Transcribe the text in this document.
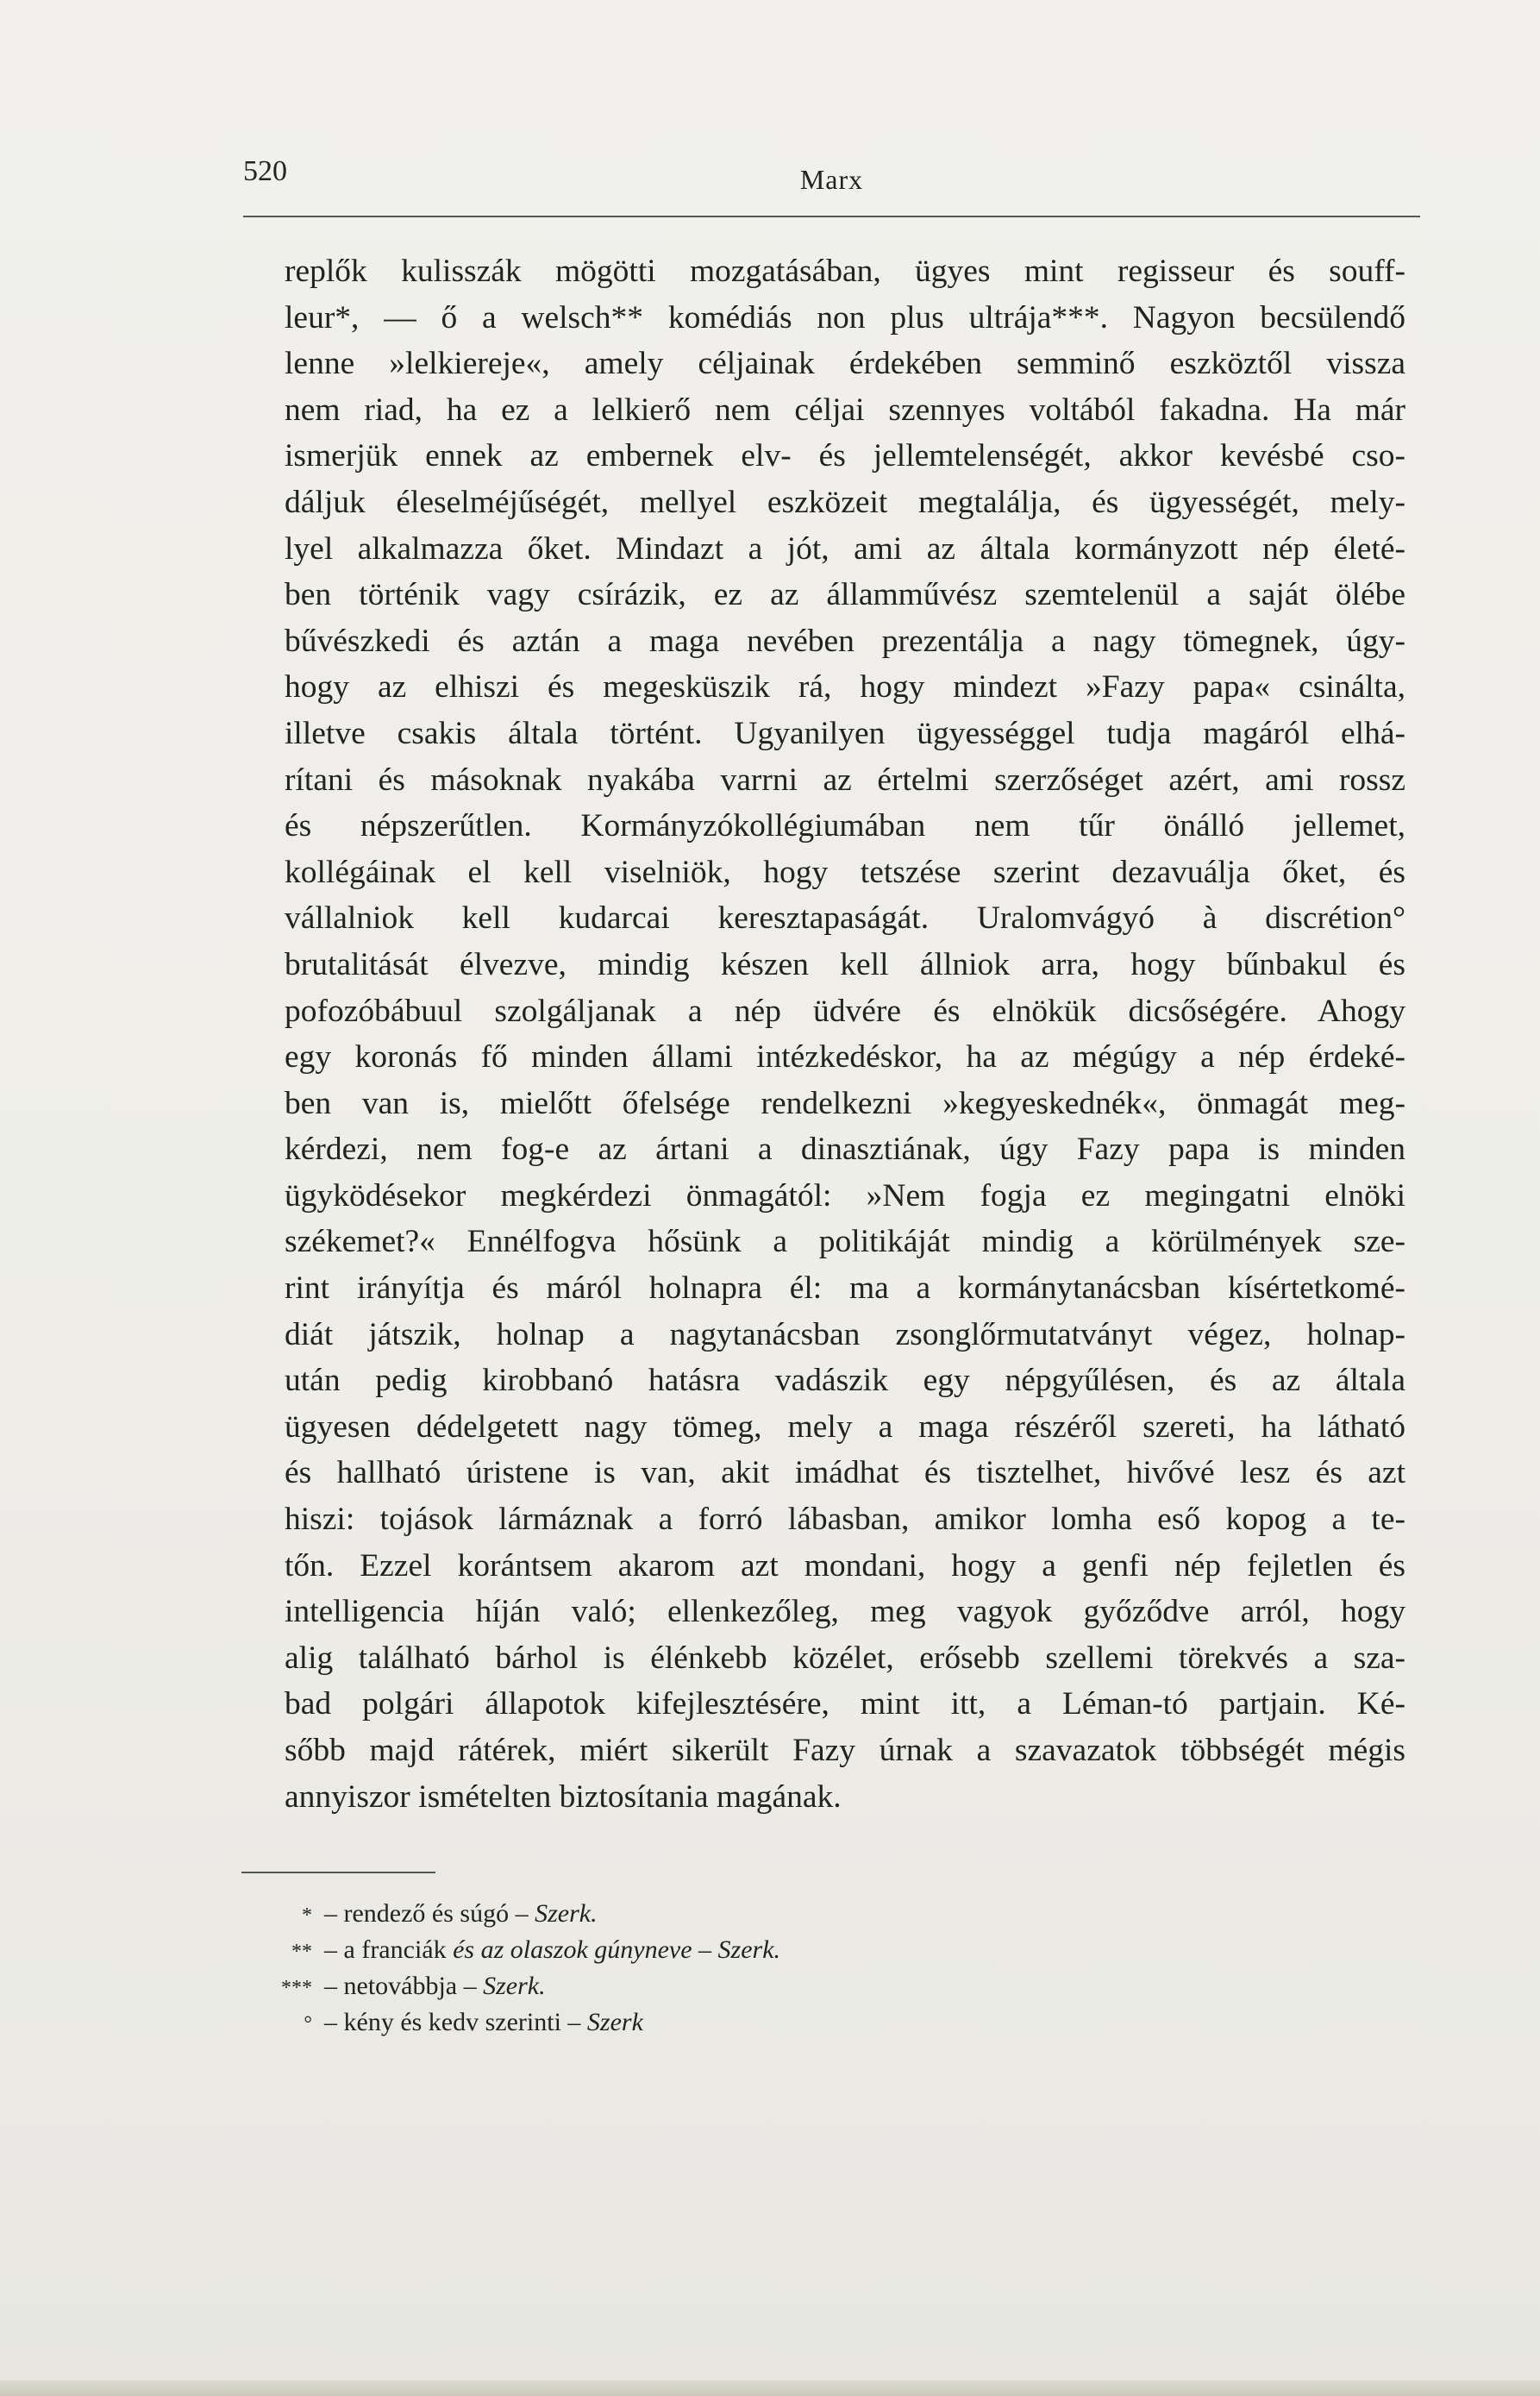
520	Marx
replők kulisszák mögötti mozgatásában, ügyes mint regisseur és souff-
leur*, — ő a welsch** komédiás non plus ultrája***. Nagyon becsülendő
lenne »lelkiereje«, amely céljainak érdekében semminő eszköztől vissza
nem riad, ha ez a lelkierő nem céljai szennyes voltából fakadna. Ha már
ismerjük ennek az embernek elv- és jellemtelenségét, akkor kevésbé cso-
dáljuk éleselméjűségét, mellyel eszközeit megtalálja, és ügyességét, mely-
lyel alkalmazza őket. Mindazt a jót, ami az általa kormányzott nép életé-
ben történik vagy csírázik, ez az államművész szemtelenül a saját ölébe
bűvészkedi és aztán a maga nevében prezentálja a nagy tömegnek, úgy-
hogy az elhiszi és megesküszik rá, hogy mindezt »Fazy papa« csinálta,
illetve csakis általa történt. Ugyanilyen ügyességgel tudja magáról elhá-
rítani és másoknak nyakába varrni az értelmi szerzőséget azért, ami rossz
és népszerűtlen. Kormányzókollégiumában nem tűr önálló jellemet,
kollégáinak el kell viselniök, hogy tetszése szerint dezavuálja őket, és
vállalniok kell kudarcai keresztapaságát. Uralomvágyó à discrétion°
brutalitását élvezve, mindig készen kell állniok arra, hogy bűnbakul és
pofozóbábuul szolgáljanak a nép üdvére és elnökük dicsőségére. Ahogy
egy koronás fő minden állami intézkedéskor, ha az mégúgy a nép érdeké-
ben van is, mielőtt őfelsége rendelkezni »kegyeskednék«, önmagát meg-
kérdezi, nem fog-e az ártani a dinasztiának, úgy Fazy papa is minden
ügyködésekor megkérdezi önmagától: »Nem fogja ez megingatni elnöki
székemet?« Ennélfogva hősünk a politikáját mindig a körülmények sze-
rint irányítja és máról holnapra él: ma a kormánytanácsban kísértetkomé-
diát játszik, holnap a nagytanácsban zsonglőrmutatványt végez, holnap-
után pedig kirobbanó hatásra vadászik egy népgyűlésen, és az általa
ügyesen dédelgetett nagy tömeg, mely a maga részéről szereti, ha látható
és hallható úristene is van, akit imádhat és tisztelhet, hivővé lesz és azt
hiszi: tojások lármáznak a forró lábasban, amikor lomha eső kopog a te-
tőn. Ezzel korántsem akarom azt mondani, hogy a genfi nép fejletlen és
intelligencia híján való; ellenkezőleg, meg vagyok győződve arról, hogy
alig található bárhol is élénkebb közélet, erősebb szellemi törekvés a sza-
bad polgári állapotok kifejlesztésére, mint itt, a Léman-tó partjain. Ké-
sőbb majd rátérek, miért sikerült Fazy úrnak a szavazatok többségét mégis
annyiszor ismételten biztosítania magának.
* – rendező és súgó – Szerk.
** – a franciák és az olaszok gúnyneve – Szerk.
*** – netovábbja – Szerk.
° – kény és kedv szerinti – Szerk
